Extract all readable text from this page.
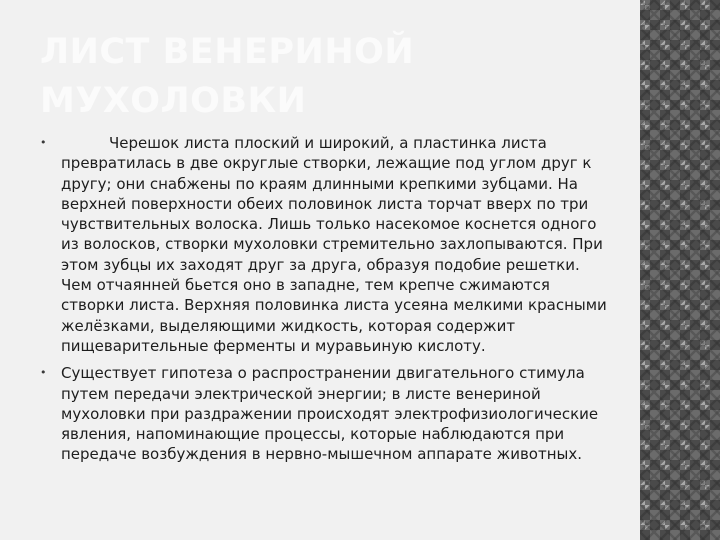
ЛИСТ ВЕНЕРИНОЙ МУХОЛОВКИ
•	Черешок листа плоский и широкий, а пластинка листа превратилась в две округлые створки, лежащие под углом друг к другу; они снабжены по краям длинными крепкими зубцами. На верхней поверхности обеих половинок листа торчат вверх по три чувствительных волоска. Лишь только насекомое коснется одного из волосков, створки мухоловки стремительно захлопываются. При этом зубцы их заходят друг за друга, образуя подобие решетки. Чем отчаянней бьется оно в западне, тем крепче сжимаются створки листа. Верхняя половинка листа усеяна мелкими красными желёзками, выделяющими жидкость, которая содержит пищеварительные ферменты и муравьиную кислоту.
• Существует гипотеза о распространении двигательного стимула путем передачи электрической энергии; в листе венериной мухоловки при раздражении происходят электрофизиологические явления, напоминающие процессы, которые наблюдаются при передаче возбуждения в нервно-мышечном аппарате животных.
